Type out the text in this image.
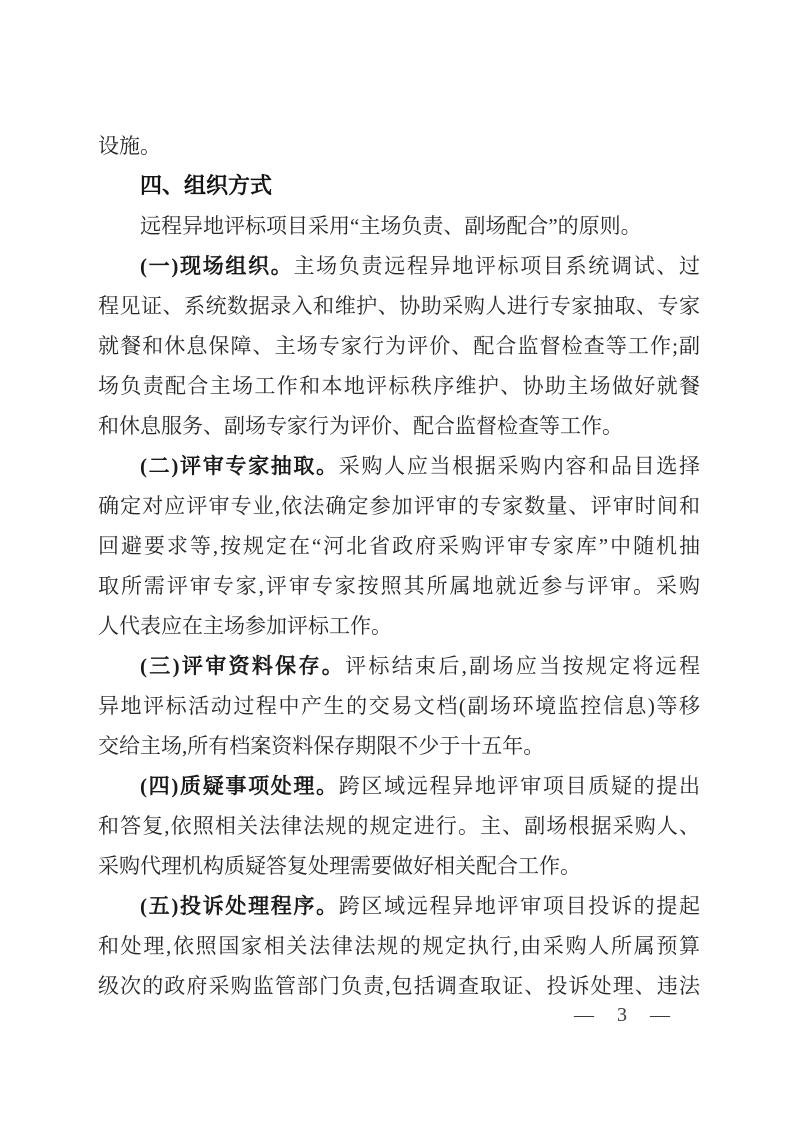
设施。
四、组织方式
远程异地评标项目采用“主场负责、副场配合”的原则。
(一)现场组织。主场负责远程异地评标项目系统调试、过
程见证、系统数据录入和维护、协助采购人进行专家抽取、专家
就餐和休息保障、主场专家行为评价、配合监督检查等工作;副
场负责配合主场工作和本地评标秩序维护、协助主场做好就餐
和休息服务、副场专家行为评价、配合监督检查等工作。
(二)评审专家抽取。采购人应当根据采购内容和品目选择
确定对应评审专业,依法确定参加评审的专家数量、评审时间和
回避要求等,按规定在“河北省政府采购评审专家库”中随机抽
取所需评审专家,评审专家按照其所属地就近参与评审。采购
人代表应在主场参加评标工作。
(三)评审资料保存。评标结束后,副场应当按规定将远程
异地评标活动过程中产生的交易文档(副场环境监控信息)等移
交给主场,所有档案资料保存期限不少于十五年。
(四)质疑事项处理。跨区域远程异地评审项目质疑的提出
和答复,依照相关法律法规的规定进行。主、副场根据采购人、
采购代理机构质疑答复处理需要做好相关配合工作。
(五)投诉处理程序。跨区域远程异地评审项目投诉的提起
和处理,依照国家相关法律法规的规定执行,由采购人所属预算
级次的政府采购监管部门负责,包括调查取证、投诉处理、违法
— 3 —
